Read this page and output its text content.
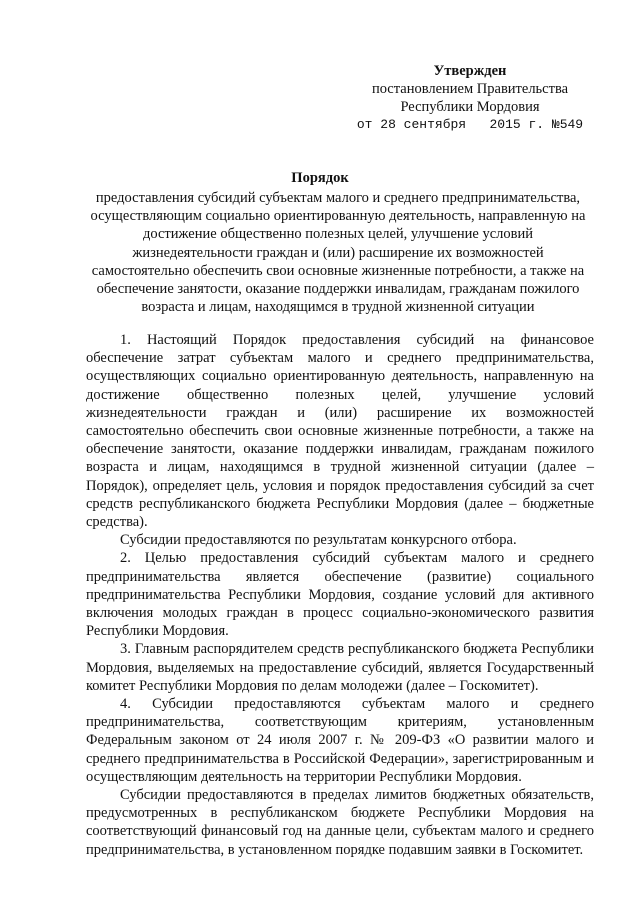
Утвержден
постановлением Правительства
Республики Мордовия
от 28 сентября   2015 г. №549
Порядок
предоставления субсидий субъектам малого и среднего предпринимательства, осуществляющим социально ориентированную деятельность, направленную на достижение общественно полезных целей, улучшение условий жизнедеятельности граждан и (или) расширение их возможностей самостоятельно обеспечить свои основные жизненные потребности, а также на обеспечение занятости, оказание поддержки инвалидам, гражданам пожилого возраста и лицам, находящимся в трудной жизненной ситуации

1. Настоящий Порядок предоставления субсидий на финансовое обеспечение затрат субъектам малого и среднего предпринимательства, осуществляющих социально ориентированную деятельность, направленную на достижение общественно полезных целей, улучшение условий жизнедеятельности граждан и (или) расширение их возможностей самостоятельно обеспечить свои основные жизненные потребности, а также на обеспечение занятости, оказание поддержки инвалидам, гражданам пожилого возраста и лицам, находящимся в трудной жизненной ситуации (далее – Порядок), определяет цель, условия и порядок предоставления субсидий за счет средств республиканского бюджета Республики Мордовия (далее – бюджетные средства).

Субсидии предоставляются по результатам конкурсного отбора.

2. Целью предоставления субсидий субъектам малого и среднего предпринимательства является обеспечение (развитие) социального предпринимательства Республики Мордовия, создание условий для активного включения молодых граждан в процесс социально-экономического развития Республики Мордовия.

3. Главным распорядителем средств республиканского бюджета Республики Мордовия, выделяемых на предоставление субсидий, является Государственный комитет Республики Мордовия по делам молодежи (далее – Госкомитет).

4. Субсидии предоставляются субъектам малого и среднего предпринимательства, соответствующим критериям, установленным Федеральным законом от 24 июля 2007 г. № 209-ФЗ «О развитии малого и среднего предпринимательства в Российской Федерации», зарегистрированным и осуществляющим деятельность на территории Республики Мордовия.

Субсидии предоставляются в пределах лимитов бюджетных обязательств, предусмотренных в республиканском бюджете Республики Мордовия на соответствующий финансовый год на данные цели, субъектам малого и среднего предпринимательства, в установленном порядке подавшим заявки в Госкомитет.
